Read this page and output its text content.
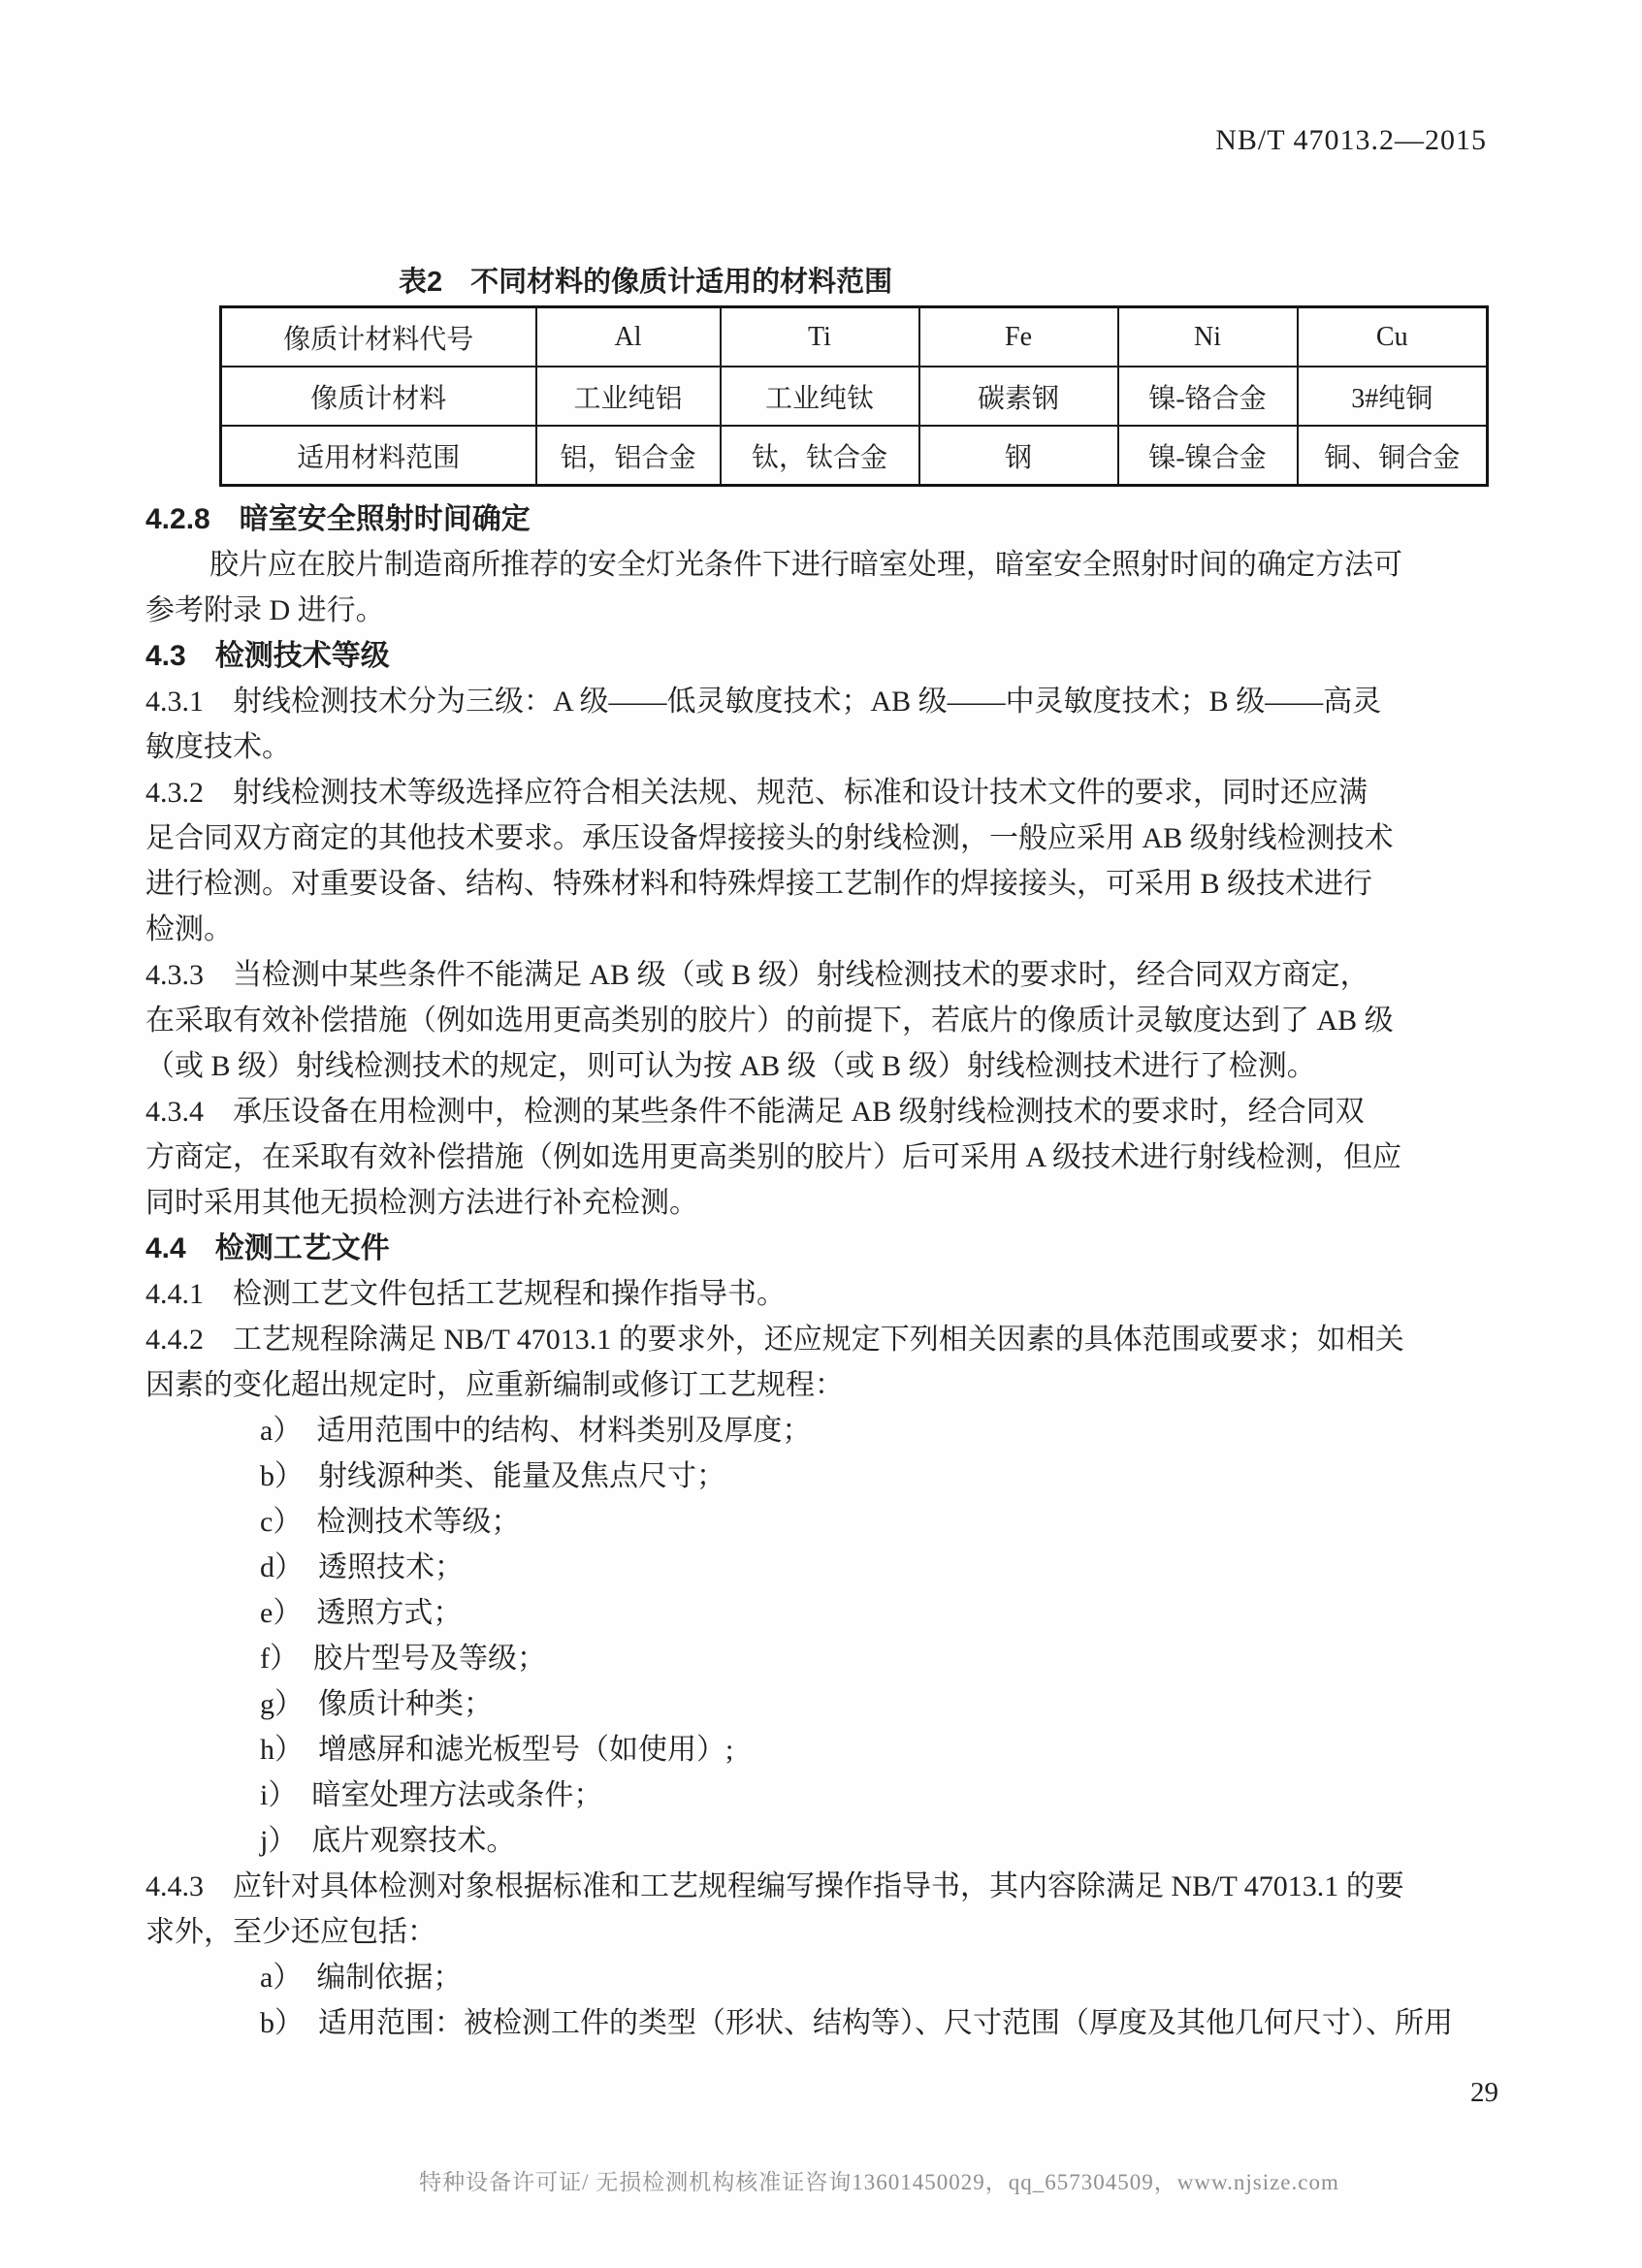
NB/T 47013.2—2015
表2　不同材料的像质计适用的材料范围
像质计材料代号	Al	Ti	Fe	Ni	Cu
像质计材料	工业纯铝	工业纯钛	碳素钢	镍-铬合金	3#纯铜
适用材料范围	铝，铝合金	钛，钛合金	钢	镍-镍合金	铜、铜合金
4.2.8　暗室安全照射时间确定
胶片应在胶片制造商所推荐的安全灯光条件下进行暗室处理，暗室安全照射时间的确定方法可
参考附录 D 进行。
4.3　检测技术等级
4.3.1　射线检测技术分为三级：A 级——低灵敏度技术；AB 级——中灵敏度技术；B 级——高灵
敏度技术。
4.3.2　射线检测技术等级选择应符合相关法规、规范、标准和设计技术文件的要求，同时还应满
足合同双方商定的其他技术要求。承压设备焊接接头的射线检测，一般应采用 AB 级射线检测技术
进行检测。对重要设备、结构、特殊材料和特殊焊接工艺制作的焊接接头，可采用 B 级技术进行
检测。
4.3.3　当检测中某些条件不能满足 AB 级（或 B 级）射线检测技术的要求时，经合同双方商定，
在采取有效补偿措施（例如选用更高类别的胶片）的前提下，若底片的像质计灵敏度达到了 AB 级
（或 B 级）射线检测技术的规定，则可认为按 AB 级（或 B 级）射线检测技术进行了检测。
4.3.4　承压设备在用检测中，检测的某些条件不能满足 AB 级射线检测技术的要求时，经合同双
方商定，在采取有效补偿措施（例如选用更高类别的胶片）后可采用 A 级技术进行射线检测，但应
同时采用其他无损检测方法进行补充检测。
4.4　检测工艺文件
4.4.1　检测工艺文件包括工艺规程和操作指导书。
4.4.2　工艺规程除满足 NB/T 47013.1 的要求外，还应规定下列相关因素的具体范围或要求；如相关
因素的变化超出规定时，应重新编制或修订工艺规程：
a）　适用范围中的结构、材料类别及厚度；
b）　射线源种类、能量及焦点尺寸；
c）　检测技术等级；
d）　透照技术；
e）　透照方式；
f）　胶片型号及等级；
g）　像质计种类；
h）　增感屏和滤光板型号（如使用）;
i）　暗室处理方法或条件；
j）　底片观察技术。
4.4.3　应针对具体检测对象根据标准和工艺规程编写操作指导书，其内容除满足 NB/T 47013.1 的要
求外，至少还应包括：
a）　编制依据；
b）　适用范围：被检测工件的类型（形状、结构等）、尺寸范围（厚度及其他几何尺寸）、所用
29
特种设备许可证/ 无损检测机构核准证咨询13601450029，qq_657304509，www.njsize.com
